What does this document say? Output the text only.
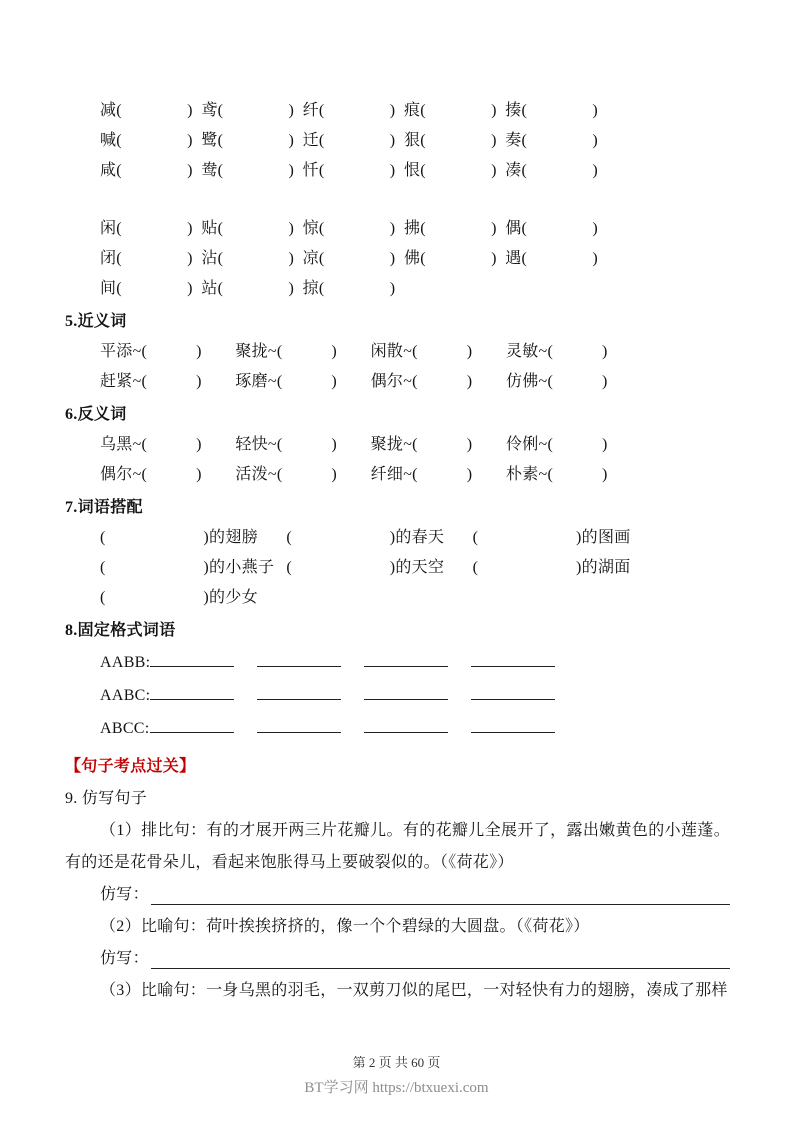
减(　　　　) 鸢(　　　　) 纤(　　　　) 痕(　　　　) 揍(　　　　)
喊(　　　　) 鹭(　　　　) 迁(　　　　) 狠(　　　　) 奏(　　　　)
咸(　　　　) 鸯(　　　　) 忏(　　　　) 恨(　　　　) 凑(　　　　)
闲(　　　　) 贴(　　　　) 惊(　　　　) 拂(　　　　) 偶(　　　　)
闭(　　　　) 沾(　　　　) 凉(　　　　) 佛(　　　　) 遇(　　　　)
间(　　　　) 站(　　　　) 掠(　　　　)
5.近义词
平添~(　　　) 聚拢~(　　　) 闲散~(　　　) 灵敏~(　　　)
赶紧~(　　　) 琢磨~(　　　) 偶尔~(　　　) 仿佛~(　　　)
6.反义词
乌黑~(　　　) 轻快~(　　　) 聚拢~(　　　) 伶俐~(　　　)
偶尔~(　　　) 活泼~(　　　) 纤细~(　　　) 朴素~(　　　)
7.词语搭配
(　　　　　　)的翅膀 (　　　　　　)的春天 (　　　　　　)的图画
(　　　　　　)的小燕子 (　　　　　　)的天空 (　　　　　　)的湖面
(　　　　　　)的少女
8.固定格式词语
AABB:
AABC:
ABCC:
【句子考点过关】
9. 仿写句子

（1）排比句：有的才展开两三片花瓣儿。有的花瓣儿全展开了，露出嫩黄色的小莲蓬。有的还是花骨朵儿，看起来饱胀得马上要破裂似的。（《荷花》）

仿写：

（2）比喻句：荷叶挨挨挤挤的，像一个个碧绿的大圆盘。（《荷花》）

仿写：

（3）比喻句：一身乌黑的羽毛，一双剪刀似的尾巴，一对轻快有力的翅膀，凑成了那样

第 2 页 共 60 页
BT学习网 https://btxuexi.com
